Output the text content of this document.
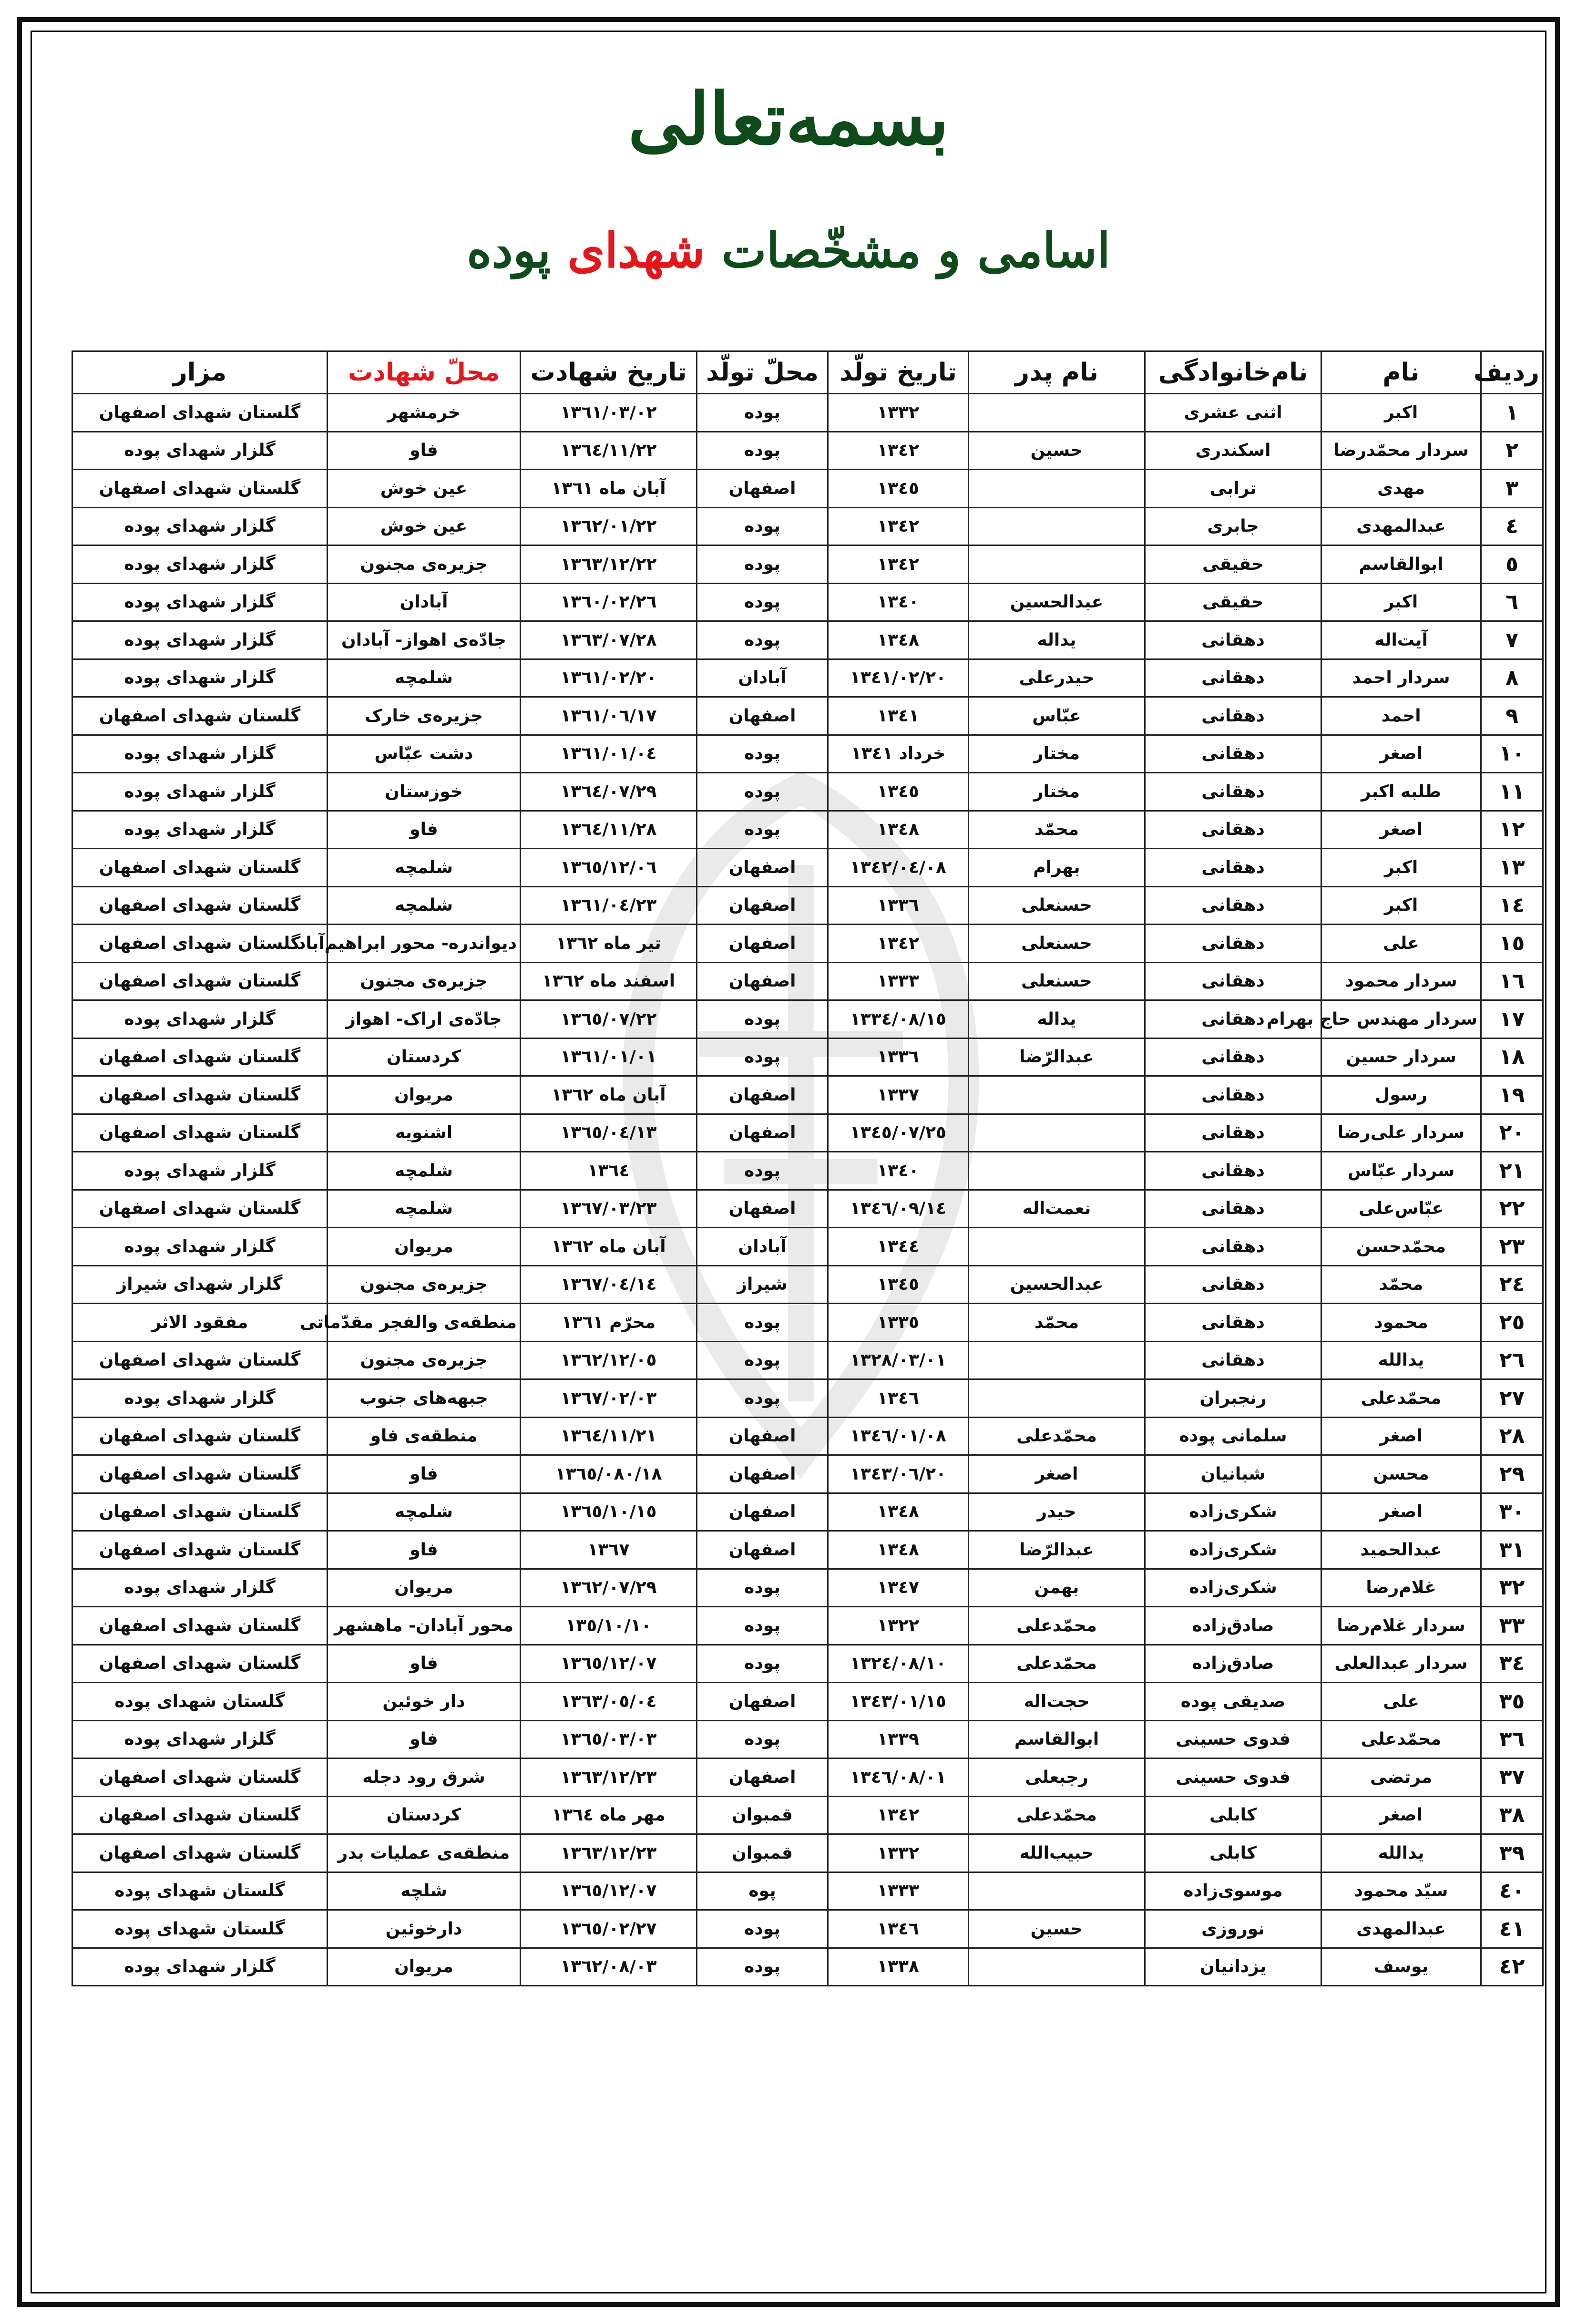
بسمه‌تعالی
اسامی و مشخّصات شهدای پوده
ردیف	نام	نام‌خانوادگی	نام پدر	تاریخ تولّد	محلّ تولّد	تاریخ شهادت	محلّ شهادت	مزار
١	اکبر	اثنی عشری		١٣٣٢	پوده	١٣٦١/٠٣/٠٢	خرمشهر	گلستان شهدای اصفهان
٢	سردار محمّدرضا	اسکندری	حسین	١٣٤٢	پوده	١٣٦٤/١١/٢٢	فاو	گلزار شهدای پوده
٣	مهدی	ترابی		١٣٤٥	اصفهان	آبان ماه ١٣٦١	عین خوش	گلستان شهدای اصفهان
٤	عبدالمهدی	جابری		١٣٤٢	پوده	١٣٦٢/٠١/٢٢	عین خوش	گلزار شهدای پوده
٥	ابوالقاسم	حقیقی		١٣٤٢	پوده	١٣٦٣/١٢/٢٢	جزیره‌ی مجنون	گلزار شهدای پوده
٦	اکبر	حقیقی	عبدالحسین	١٣٤٠	پوده	١٣٦٠/٠٢/٢٦	آبادان	گلزار شهدای پوده
٧	آیت‌اله	دهقانی	یداله	١٣٤٨	پوده	١٣٦٣/٠٧/٢٨	جادّه‌ی اهواز- آبادان	گلزار شهدای پوده
٨	سردار احمد	دهقانی	حیدرعلی	١٣٤١/٠٢/٢٠	آبادان	١٣٦١/٠٢/٢٠	شلمچه	گلزار شهدای پوده
٩	احمد	دهقانی	عبّاس	١٣٤١	اصفهان	١٣٦١/٠٦/١٧	جزیره‌ی خارک	گلستان شهدای اصفهان
١٠	اصغر	دهقانی	مختار	خرداد ١٣٤١	پوده	١٣٦١/٠١/٠٤	دشت عبّاس	گلزار شهدای پوده
١١	طلبه اکبر	دهقانی	مختار	١٣٤٥	پوده	١٣٦٤/٠٧/٢٩	خوزستان	گلزار شهدای پوده
١٢	اصغر	دهقانی	محمّد	١٣٤٨	پوده	١٣٦٤/١١/٢٨	فاو	گلزار شهدای پوده
١٣	اکبر	دهقانی	بهرام	١٣٤٢/٠٤/٠٨	اصفهان	١٣٦٥/١٢/٠٦	شلمچه	گلستان شهدای اصفهان
١٤	اکبر	دهقانی	حسنعلی	١٣٣٦	اصفهان	١٣٦١/٠٤/٢٣	شلمچه	گلستان شهدای اصفهان
١٥	علی	دهقانی	حسنعلی	١٣٤٢	اصفهان	تیر ماه ١٣٦٢	دیواندره- محور ابراهیم‌آباد	گلستان شهدای اصفهان
١٦	سردار محمود	دهقانی	حسنعلی	١٣٣٣	اصفهان	اسفند ماه ١٣٦٢	جزیره‌ی مجنون	گلستان شهدای اصفهان
١٧	سردار مهندس حاج بهرام	دهقانی	یداله	١٣٣٤/٠٨/١٥	پوده	١٣٦٥/٠٧/٢٢	جادّه‌ی اراک- اهواز	گلزار شهدای پوده
١٨	سردار حسین	دهقانی	عبدالرّضا	١٣٣٦	پوده	١٣٦١/٠١/٠١	کردستان	گلستان شهدای اصفهان
١٩	رسول	دهقانی		١٣٣٧	اصفهان	آبان ماه ١٣٦٢	مریوان	گلستان شهدای اصفهان
٢٠	سردار علی‌رضا	دهقانی		١٣٤٥/٠٧/٢٥	اصفهان	١٣٦٥/٠٤/١٣	اشنویه	گلستان شهدای اصفهان
٢١	سردار عبّاس	دهقانی		١٣٤٠	پوده	١٣٦٤	شلمچه	گلزار شهدای پوده
٢٢	عبّاس‌علی	دهقانی	نعمت‌اله	١٣٤٦/٠٩/١٤	اصفهان	١٣٦٧/٠٣/٢٣	شلمچه	گلستان شهدای اصفهان
٢٣	محمّدحسن	دهقانی		١٣٤٤	آبادان	آبان ماه ١٣٦٢	مریوان	گلزار شهدای پوده
٢٤	محمّد	دهقانی	عبدالحسین	١٣٤٥	شیراز	١٣٦٧/٠٤/١٤	جزیره‌ی مجنون	گلزار شهدای شیراز
٢٥	محمود	دهقانی	محمّد	١٣٣٥	پوده	محرّم ١٣٦١	منطقه‌ی والفجر مقدّماتی	مفقود الاثر
٢٦	یدالله	دهقانی		١٣٢٨/٠٣/٠١	پوده	١٣٦٢/١٢/٠٥	جزیره‌ی مجنون	گلستان شهدای اصفهان
٢٧	محمّدعلی	رنجبران		١٣٤٦	پوده	١٣٦٧/٠٢/٠٣	جبهه‌های جنوب	گلزار شهدای پوده
٢٨	اصغر	سلمانی پوده	محمّدعلی	١٣٤٦/٠١/٠٨	اصفهان	١٣٦٤/١١/٢١	منطقه‌ی فاو	گلستان شهدای اصفهان
٢٩	محسن	شبانیان	اصغر	١٣٤٣/٠٦/٢٠	اصفهان	١٣٦٥/٠٨٠/١٨	فاو	گلستان شهدای اصفهان
٣٠	اصغر	شکری‌زاده	حیدر	١٣٤٨	اصفهان	١٣٦٥/١٠/١٥	شلمچه	گلستان شهدای اصفهان
٣١	عبدالحمید	شکری‌زاده	عبدالرّضا	١٣٤٨	اصفهان	١٣٦٧	فاو	گلستان شهدای اصفهان
٣٢	غلام‌رضا	شکری‌زاده	بهمن	١٣٤٧	پوده	١٣٦٢/٠٧/٢٩	مریوان	گلزار شهدای پوده
٣٣	سردار غلام‌رضا	صادق‌زاده	محمّدعلی	١٣٢٢	پوده	١٣٥/١٠/١٠	محور آبادان- ماهشهر	گلستان شهدای اصفهان
٣٤	سردار عبدالعلی	صادق‌زاده	محمّدعلی	١٣٢٤/٠٨/١٠	پوده	١٣٦٥/١٢/٠٧	فاو	گلستان شهدای اصفهان
٣٥	علی	صدیقی پوده	حجت‌اله	١٣٤٣/٠١/١٥	اصفهان	١٣٦٣/٠٥/٠٤	دار خوئین	گلستان شهدای پوده
٣٦	محمّدعلی	فدوی حسینی	ابوالقاسم	١٣٣٩	پوده	١٣٦٥/٠٣/٠٣	فاو	گلزار شهدای پوده
٣٧	مرتضی	فدوی حسینی	رجبعلی	١٣٤٦/٠٨/٠١	اصفهان	١٣٦٣/١٢/٢٣	شرق رود دجله	گلستان شهدای اصفهان
٣٨	اصغر	کابلی	محمّدعلی	١٣٤٢	قمبوان	مهر ماه ١٣٦٤	کردستان	گلستان شهدای اصفهان
٣٩	یدالله	کابلی	حبیب‌الله	١٣٣٢	قمبوان	١٣٦٣/١٢/٢٣	منطقه‌ی عملیات بدر	گلستان شهدای اصفهان
٤٠	سیّد محمود	موسوی‌زاده		١٣٣٣	پوه	١٣٦٥/١٢/٠٧	شلچه	گلستان شهدای پوده
٤١	عبدالمهدی	نوروزی	حسین	١٣٤٦	پوده	١٣٦٥/٠٢/٢٧	دارخوئین	گلستان شهدای پوده
٤٢	یوسف	یزدانیان		١٣٣٨	پوده	١٣٦٢/٠٨/٠٣	مریوان	گلزار شهدای پوده
